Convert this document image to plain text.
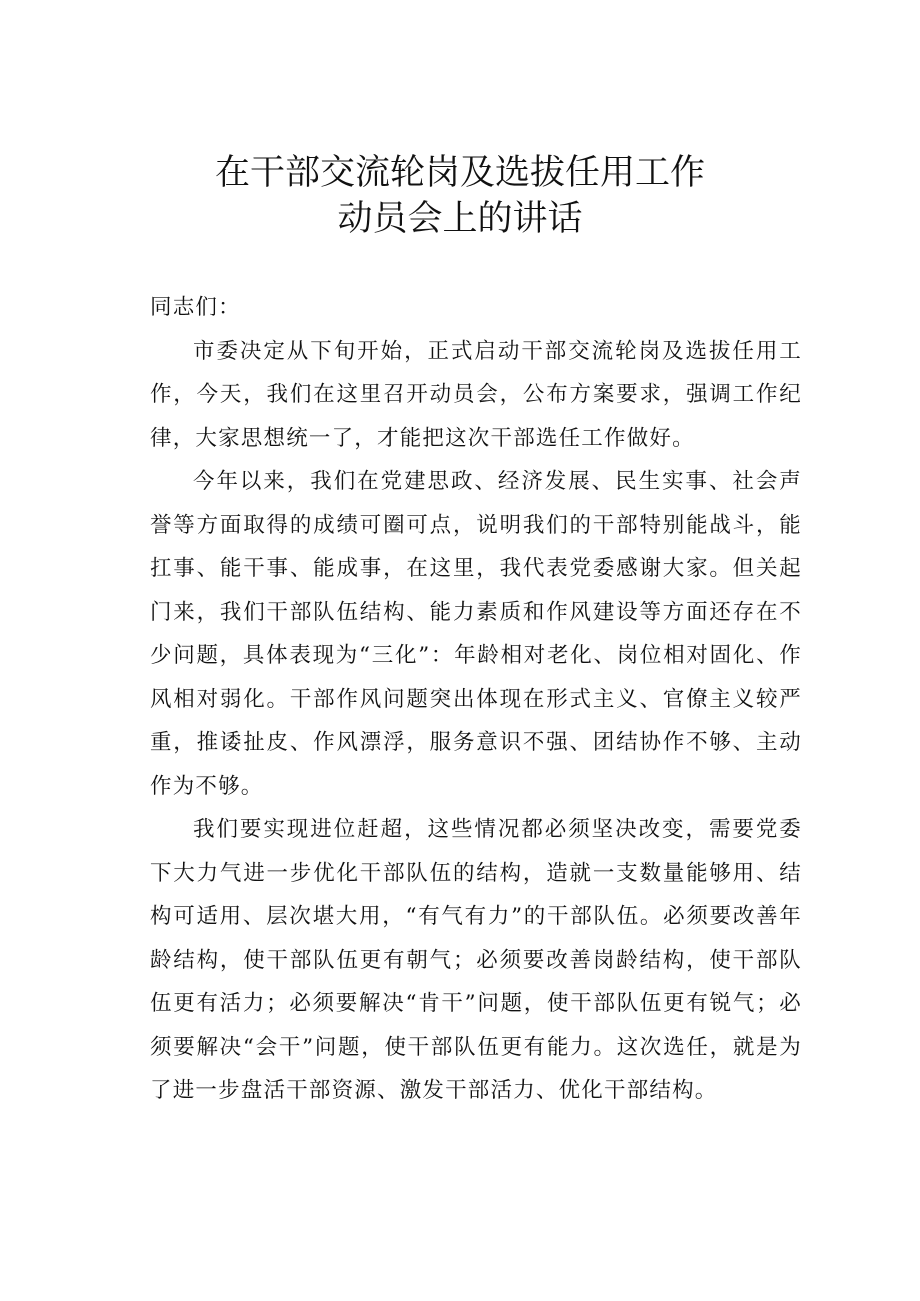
在干部交流轮岗及选拔任用工作
动员会上的讲话

同志们：

市委决定从下旬开始，正式启动干部交流轮岗及选拔任用工作，今天，我们在这里召开动员会，公布方案要求，强调工作纪律，大家思想统一了，才能把这次干部选任工作做好。

今年以来，我们在党建思政、经济发展、民生实事、社会声誉等方面取得的成绩可圈可点，说明我们的干部特别能战斗，能扛事、能干事、能成事，在这里，我代表党委感谢大家。但关起门来，我们干部队伍结构、能力素质和作风建设等方面还存在不少问题，具体表现为“三化”：年龄相对老化、岗位相对固化、作风相对弱化。干部作风问题突出体现在形式主义、官僚主义较严重，推诿扯皮、作风漂浮，服务意识不强、团结协作不够、主动作为不够。

我们要实现进位赶超，这些情况都必须坚决改变，需要党委下大力气进一步优化干部队伍的结构，造就一支数量能够用、结构可适用、层次堪大用，“有气有力”的干部队伍。必须要改善年龄结构，使干部队伍更有朝气；必须要改善岗龄结构，使干部队伍更有活力；必须要解决“肯干”问题，使干部队伍更有锐气；必须要解决“会干”问题，使干部队伍更有能力。这次选任，就是为了进一步盘活干部资源、激发干部活力、优化干部结构。
